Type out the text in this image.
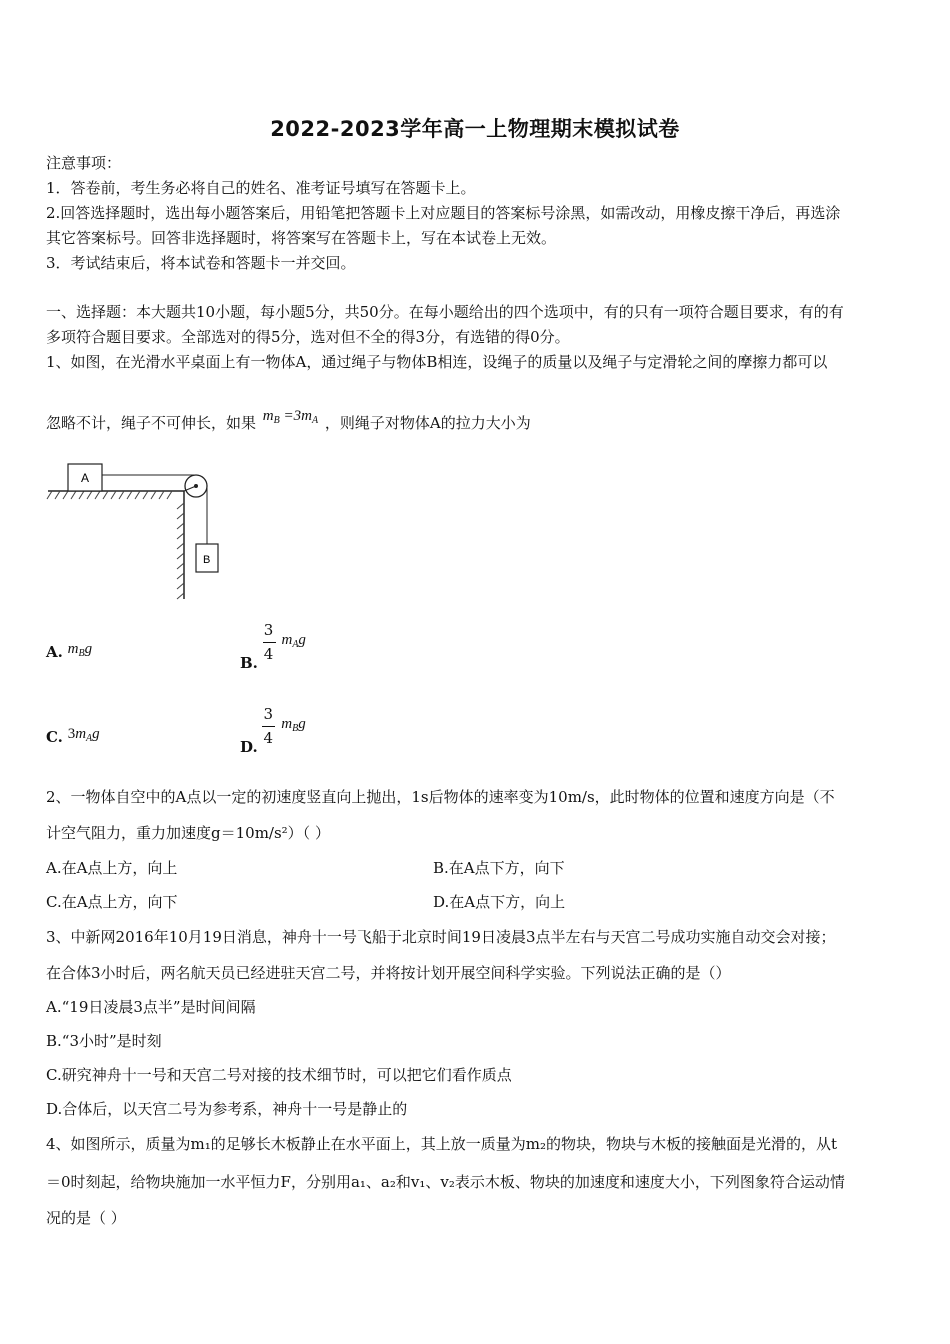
2022-2023学年高一上物理期末模拟试卷
注意事项：
1．答卷前，考生务必将自己的姓名、准考证号填写在答题卡上。
2.回答选择题时，选出每小题答案后，用铅笔把答题卡上对应题目的答案标号涂黑，如需改动，用橡皮擦干净后，再选涂
其它答案标号。回答非选择题时，将答案写在答题卡上，写在本试卷上无效。
3．考试结束后，将本试卷和答题卡一并交回。
一、选择题：本大题共10小题，每小题5分，共50分。在每小题给出的四个选项中，有的只有一项符合题目要求，有的有
多项符合题目要求。全部选对的得5分，选对但不全的得3分，有选错的得0分。
1、如图，在光滑水平桌面上有一物体A，通过绳子与物体B相连，设绳子的质量以及绳子与定滑轮之间的摩擦力都可以
忽略不计，绳子不可伸长，如果 $m_B =3m_A$ ，则绳子对物体A的拉力大小为
A
B
A. $m_Bg$
B. $\frac{3}{4} m_Ag$
C. $3m_Ag$
D. $\frac{3}{4} m_Bg$
2、一物体自空中的A点以一定的初速度竖直向上抛出，1s后物体的速率变为10m/s，此时物体的位置和速度方向是（不
计空气阻力，重力加速度g＝10m/s²）（ ）
A.在A点上方，向上	B.在A点下方，向下
C.在A点上方，向下	D.在A点下方，向上
3、中新网2016年10月19日消息，神舟十一号飞船于北京时间19日凌晨3点半左右与天宫二号成功实施自动交会对接；
在合体3小时后，两名航天员已经进驻天宫二号，并将按计划开展空间科学实验。下列说法正确的是（）
A.“19日凌晨3点半”是时间间隔
B.“3小时”是时刻
C.研究神舟十一号和天宫二号对接的技术细节时，可以把它们看作质点
D.合体后，以天宫二号为参考系，神舟十一号是静止的
4、如图所示，质量为m₁的足够长木板静止在水平面上，其上放一质量为m₂的物块，物块与木板的接触面是光滑的，从t
＝0时刻起，给物块施加一水平恒力F，分别用a₁、a₂和v₁、v₂表示木板、物块的加速度和速度大小，下列图象符合运动情
况的是（ ）
